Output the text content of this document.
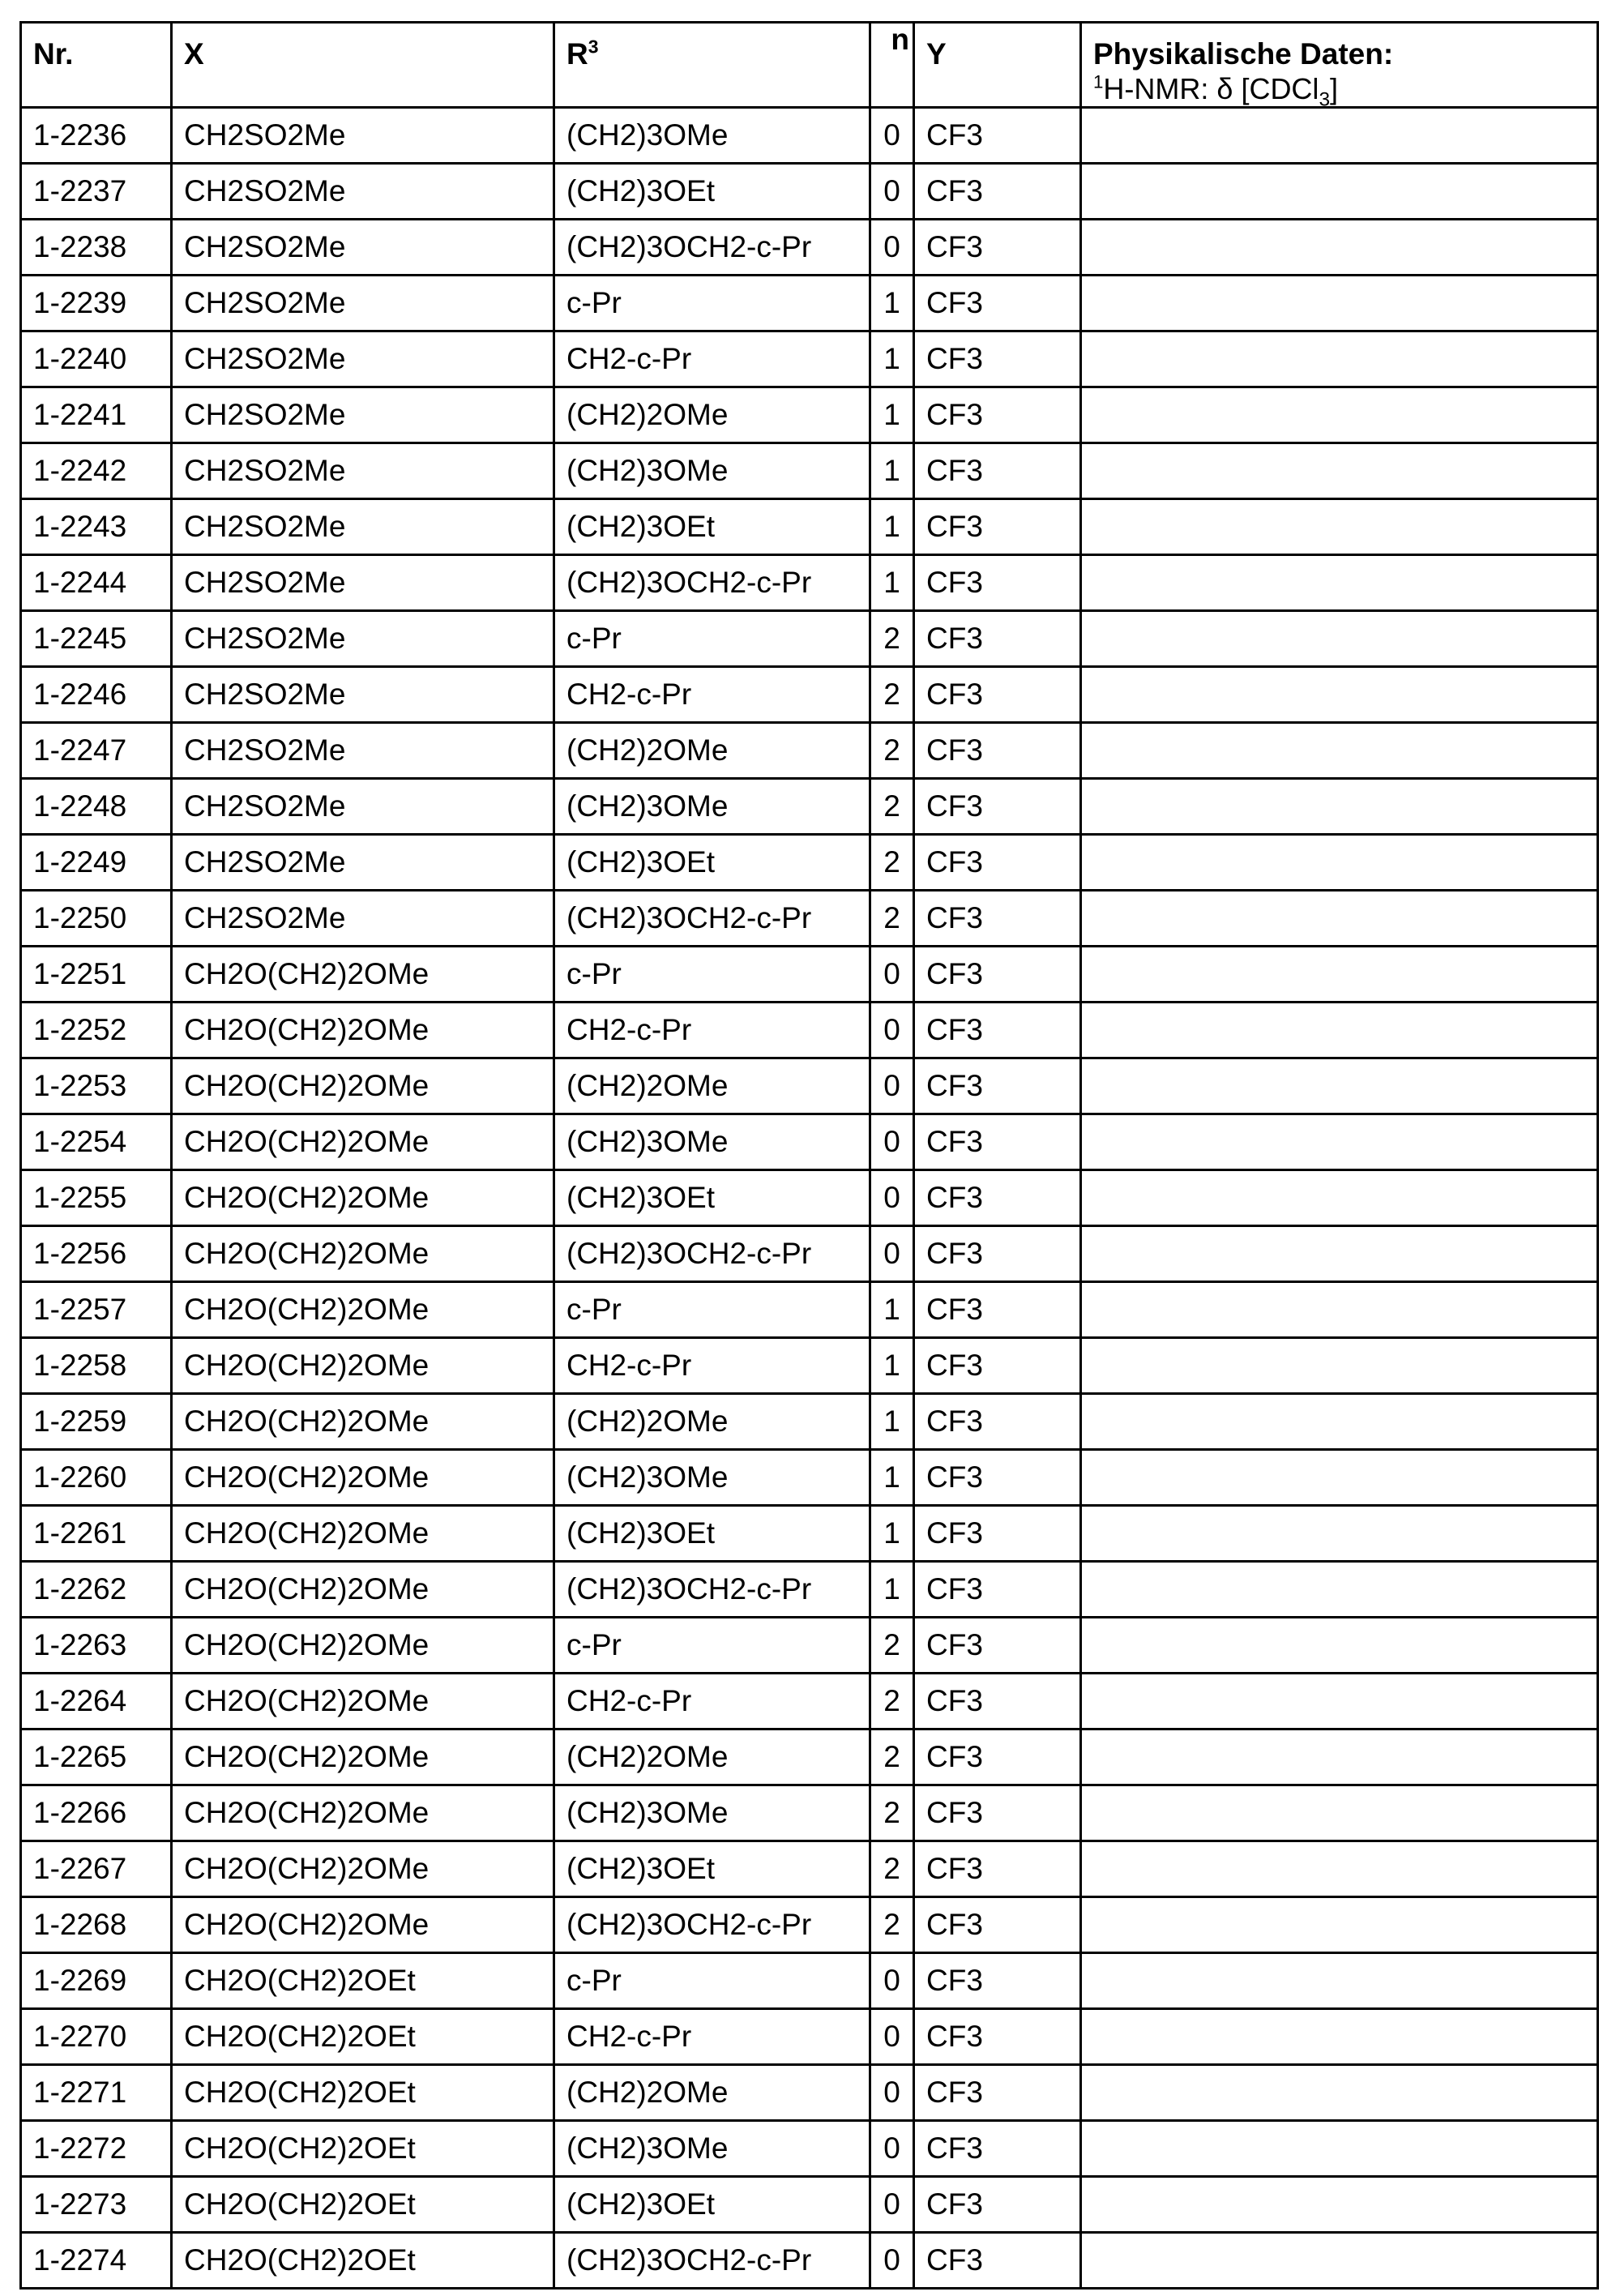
Nr.	X	R3	n	Y	Physikalische Daten:
1H-NMR: δ [CDCl3]

1-2236	CH2SO2Me	(CH2)3OMe	0	CF3	
1-2237	CH2SO2Me	(CH2)3OEt	0	CF3	
1-2238	CH2SO2Me	(CH2)3OCH2-c-Pr	0	CF3	
1-2239	CH2SO2Me	c-Pr	1	CF3	
1-2240	CH2SO2Me	CH2-c-Pr	1	CF3	
1-2241	CH2SO2Me	(CH2)2OMe	1	CF3	
1-2242	CH2SO2Me	(CH2)3OMe	1	CF3	
1-2243	CH2SO2Me	(CH2)3OEt	1	CF3	
1-2244	CH2SO2Me	(CH2)3OCH2-c-Pr	1	CF3	
1-2245	CH2SO2Me	c-Pr	2	CF3	
1-2246	CH2SO2Me	CH2-c-Pr	2	CF3	
1-2247	CH2SO2Me	(CH2)2OMe	2	CF3	
1-2248	CH2SO2Me	(CH2)3OMe	2	CF3	
1-2249	CH2SO2Me	(CH2)3OEt	2	CF3	
1-2250	CH2SO2Me	(CH2)3OCH2-c-Pr	2	CF3	
1-2251	CH2O(CH2)2OMe	c-Pr	0	CF3	
1-2252	CH2O(CH2)2OMe	CH2-c-Pr	0	CF3	
1-2253	CH2O(CH2)2OMe	(CH2)2OMe	0	CF3	
1-2254	CH2O(CH2)2OMe	(CH2)3OMe	0	CF3	
1-2255	CH2O(CH2)2OMe	(CH2)3OEt	0	CF3	
1-2256	CH2O(CH2)2OMe	(CH2)3OCH2-c-Pr	0	CF3	
1-2257	CH2O(CH2)2OMe	c-Pr	1	CF3	
1-2258	CH2O(CH2)2OMe	CH2-c-Pr	1	CF3	
1-2259	CH2O(CH2)2OMe	(CH2)2OMe	1	CF3	
1-2260	CH2O(CH2)2OMe	(CH2)3OMe	1	CF3	
1-2261	CH2O(CH2)2OMe	(CH2)3OEt	1	CF3	
1-2262	CH2O(CH2)2OMe	(CH2)3OCH2-c-Pr	1	CF3	
1-2263	CH2O(CH2)2OMe	c-Pr	2	CF3	
1-2264	CH2O(CH2)2OMe	CH2-c-Pr	2	CF3	
1-2265	CH2O(CH2)2OMe	(CH2)2OMe	2	CF3	
1-2266	CH2O(CH2)2OMe	(CH2)3OMe	2	CF3	
1-2267	CH2O(CH2)2OMe	(CH2)3OEt	2	CF3	
1-2268	CH2O(CH2)2OMe	(CH2)3OCH2-c-Pr	2	CF3	
1-2269	CH2O(CH2)2OEt	c-Pr	0	CF3	
1-2270	CH2O(CH2)2OEt	CH2-c-Pr	0	CF3	
1-2271	CH2O(CH2)2OEt	(CH2)2OMe	0	CF3	
1-2272	CH2O(CH2)2OEt	(CH2)3OMe	0	CF3	
1-2273	CH2O(CH2)2OEt	(CH2)3OEt	0	CF3	
1-2274	CH2O(CH2)2OEt	(CH2)3OCH2-c-Pr	0	CF3	
